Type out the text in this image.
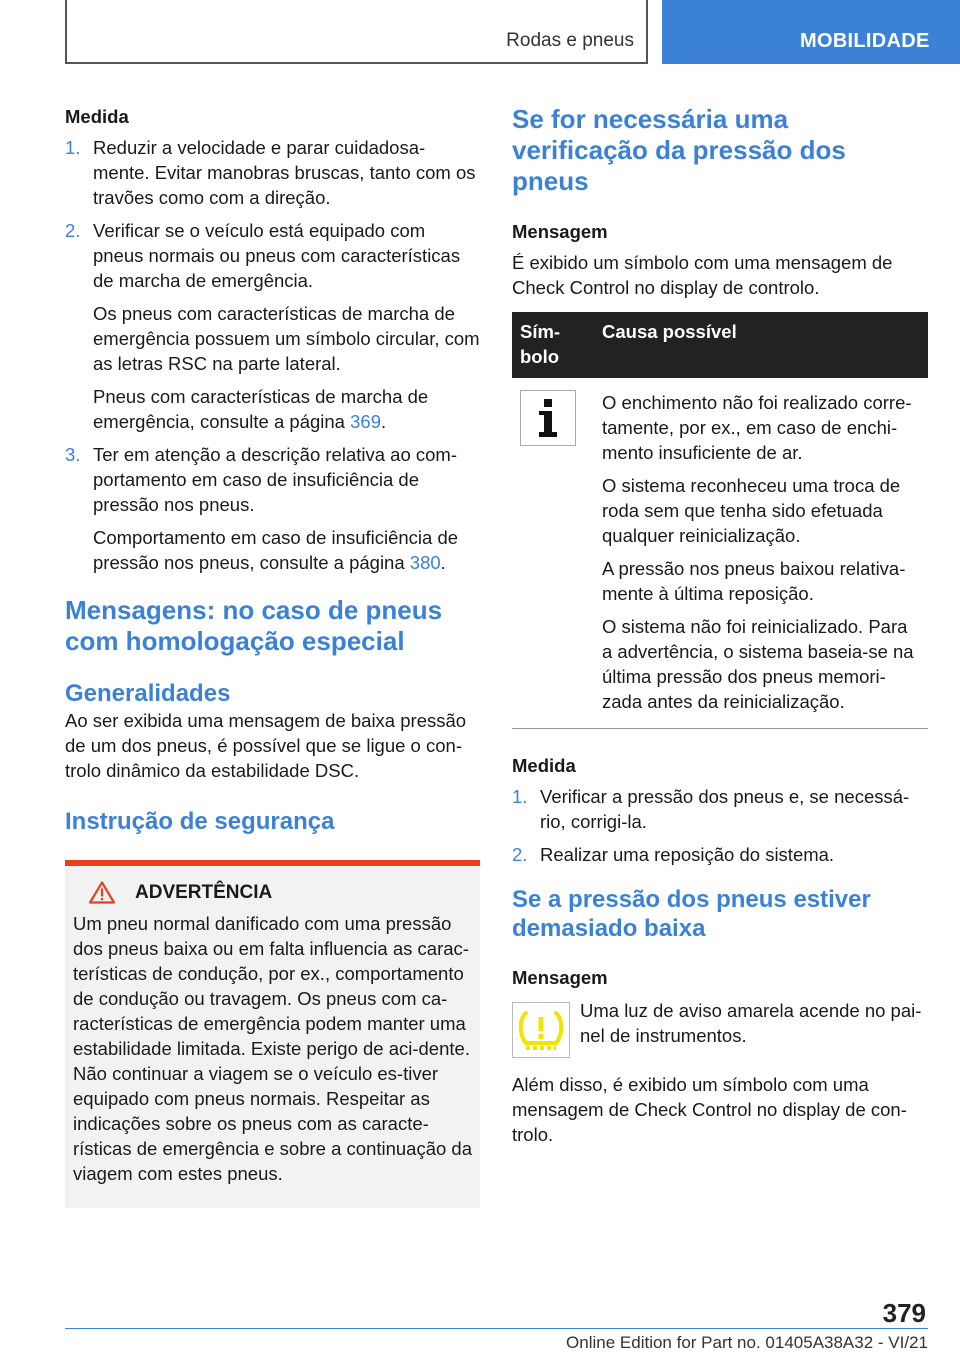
Rodas e pneus	MOBILIDADE
Medida
1. Reduzir a velocidade e parar cuidadosa-mente. Evitar manobras bruscas, tanto com os travões como com a direção.

2. Verificar se o veículo está equipado com pneus normais ou pneus com características de marcha de emergência.

Os pneus com características de marcha de emergência possuem um símbolo circular, com as letras RSC na parte lateral.

Pneus com características de marcha de emergência, consulte a página 369.

3. Ter em atenção a descrição relativa ao com-portamento em caso de insuficiência de pressão nos pneus.

Comportamento em caso de insuficiência de pressão nos pneus, consulte a página 380.

Mensagens: no caso de pneus com homologação especial
Generalidades

Ao ser exibida uma mensagem de baixa pressão de um dos pneus, é possível que se ligue o con-trolo dinâmico da estabilidade DSC.

Instrução de segurança
ADVERTÊNCIA

Um pneu normal danificado com uma pressão dos pneus baixa ou em falta influencia as carac-terísticas de condução, por ex., comportamento de condução ou travagem. Os pneus com ca-racterísticas de emergência podem manter uma estabilidade limitada. Existe perigo de aci-dente. Não continuar a viagem se o veículo es-tiver equipado com pneus normais. Respeitar as indicações sobre os pneus com as caracte-rísticas de emergência e sobre a continuação da viagem com estes pneus.

Se for necessária uma verificação da pressão dos pneus
Mensagem

É exibido um símbolo com uma mensagem de Check Control no display de controlo.

Sím-bolo	Causa possível

O enchimento não foi realizado corre-tamente, por ex., em caso de enchi-mento insuficiente de ar.

O sistema reconheceu uma troca de roda sem que tenha sido efetuada qualquer reinicialização.

A pressão nos pneus baixou relativa-mente à última reposição.

O sistema não foi reinicializado. Para a advertência, o sistema baseia-se na última pressão dos pneus memori-zada antes da reinicialização.

Medida
1. Verificar a pressão dos pneus e, se necessá-rio, corrigi-la.

2. Realizar uma reposição do sistema.

Se a pressão dos pneus estiver demasiado baixa
Mensagem

Uma luz de aviso amarela acende no pai-nel de instrumentos.

Além disso, é exibido um símbolo com uma mensagem de Check Control no display de con-trolo.

379
Online Edition for Part no. 01405A38A32 - VI/21
